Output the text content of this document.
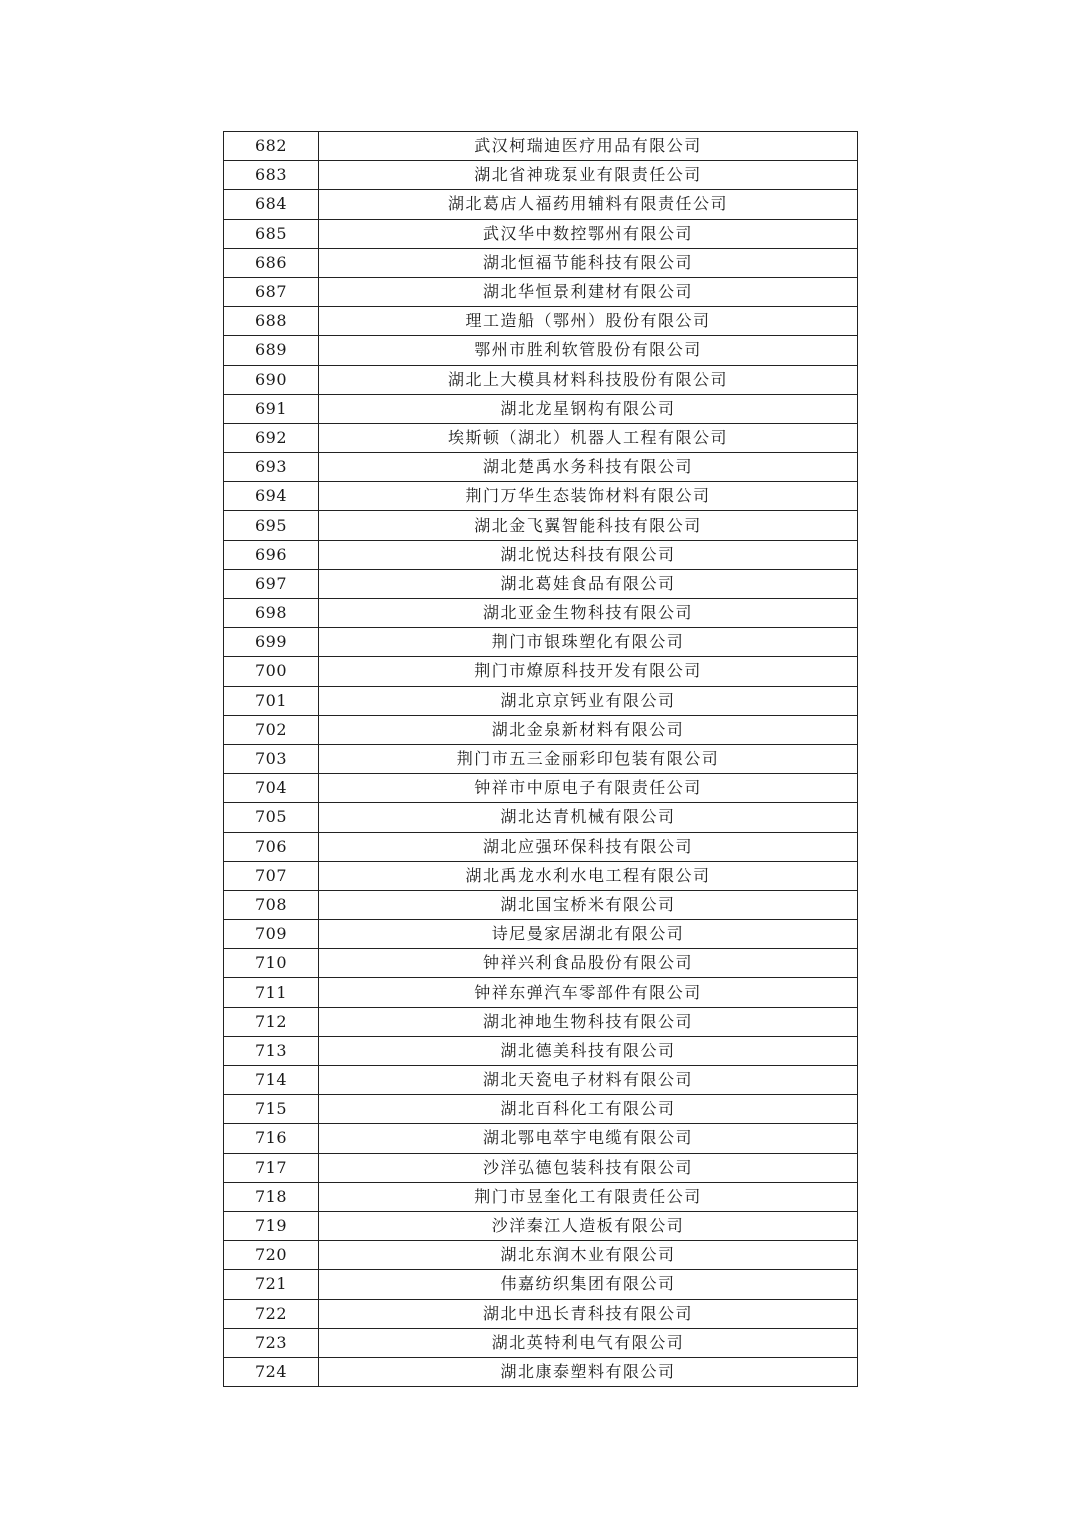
682	武汉柯瑞迪医疗用品有限公司
683	湖北省神珑泵业有限责任公司
684	湖北葛店人福药用辅料有限责任公司
685	武汉华中数控鄂州有限公司
686	湖北恒福节能科技有限公司
687	湖北华恒景利建材有限公司
688	理工造船（鄂州）股份有限公司
689	鄂州市胜利软管股份有限公司
690	湖北上大模具材料科技股份有限公司
691	湖北龙星钢构有限公司
692	埃斯顿（湖北）机器人工程有限公司
693	湖北楚禹水务科技有限公司
694	荆门万华生态装饰材料有限公司
695	湖北金飞翼智能科技有限公司
696	湖北悦达科技有限公司
697	湖北葛娃食品有限公司
698	湖北亚金生物科技有限公司
699	荆门市银珠塑化有限公司
700	荆门市燎原科技开发有限公司
701	湖北京京钙业有限公司
702	湖北金泉新材料有限公司
703	荆门市五三金丽彩印包装有限公司
704	钟祥市中原电子有限责任公司
705	湖北达青机械有限公司
706	湖北应强环保科技有限公司
707	湖北禹龙水利水电工程有限公司
708	湖北国宝桥米有限公司
709	诗尼曼家居湖北有限公司
710	钟祥兴利食品股份有限公司
711	钟祥东弹汽车零部件有限公司
712	湖北神地生物科技有限公司
713	湖北德美科技有限公司
714	湖北天瓷电子材料有限公司
715	湖北百科化工有限公司
716	湖北鄂电萃宇电缆有限公司
717	沙洋弘德包装科技有限公司
718	荆门市昱奎化工有限责任公司
719	沙洋秦江人造板有限公司
720	湖北东润木业有限公司
721	伟嘉纺织集团有限公司
722	湖北中迅长青科技有限公司
723	湖北英特利电气有限公司
724	湖北康泰塑料有限公司
